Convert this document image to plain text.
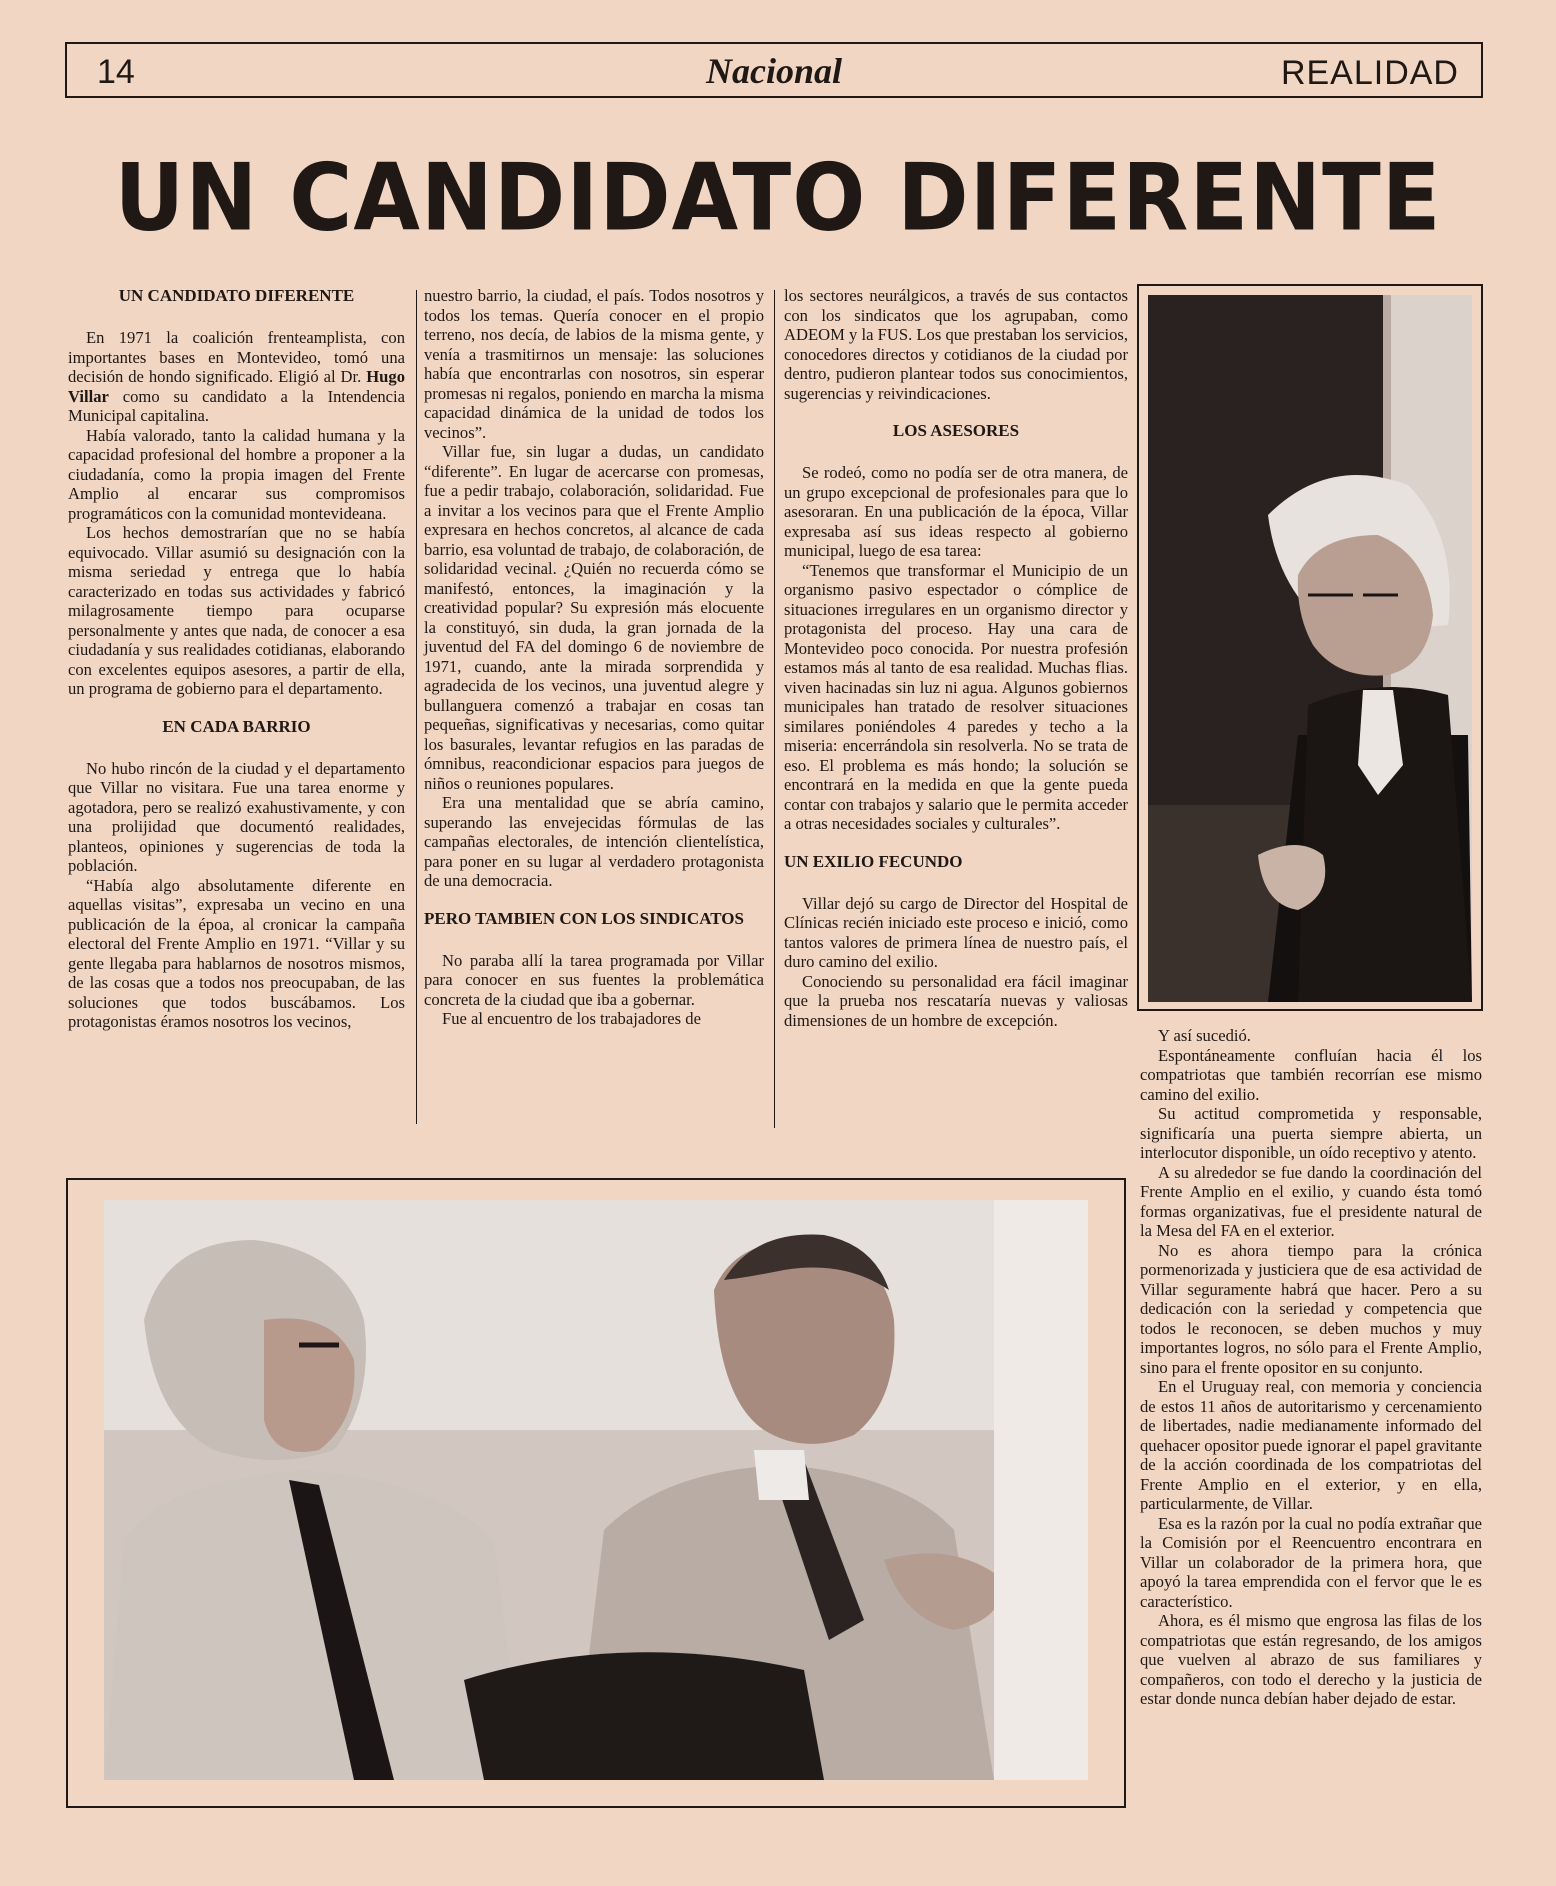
14	Nacional	REALIDAD
UN CANDIDATO DIFERENTE
UN CANDIDATO DIFERENTE

En 1971 la coalición frenteamplista, con importantes bases en Montevideo, tomó una decisión de hondo significado. Eligió al Dr. Hugo Villar como su candidato a la Intendencia Municipal capitalina.

Había valorado, tanto la calidad humana y la capacidad profesional del hombre a proponer a la ciudadanía, como la propia imagen del Frente Amplio al encarar sus compromisos programáticos con la comunidad montevideana.

Los hechos demostrarían que no se había equivocado. Villar asumió su designación con la misma seriedad y entrega que lo había caracterizado en todas sus actividades y fabricó milagrosamente tiempo para ocuparse personalmente y antes que nada, de conocer a esa ciudadanía y sus realidades cotidianas, elaborando con excelentes equipos asesores, a partir de ella, un programa de gobierno para el departamento.

EN CADA BARRIO

No hubo rincón de la ciudad y el departamento que Villar no visitara. Fue una tarea enorme y agotadora, pero se realizó exahustivamente, y con una prolijidad que documentó realidades, planteos, opiniones y sugerencias de toda la población.

“Había algo absolutamente diferente en aquellas visitas”, expresaba un vecino en una publicación de la époa, al cronicar la campaña electoral del Frente Amplio en 1971. “Villar y su gente llegaba para hablarnos de nosotros mismos, de las cosas que a todos nos preocupaban, de las soluciones que todos buscábamos. Los protagonistas éramos nosotros los vecinos,

nuestro barrio, la ciudad, el país. Todos nosotros y todos los temas. Quería conocer en el propio terreno, nos decía, de labios de la misma gente, y venía a trasmitirnos un mensaje: las soluciones había que encontrarlas con nosotros, sin esperar promesas ni regalos, poniendo en marcha la misma capacidad dinámica de la unidad de todos los vecinos”.

Villar fue, sin lugar a dudas, un candidato “diferente”. En lugar de acercarse con promesas, fue a pedir trabajo, colaboración, solidaridad. Fue a invitar a los vecinos para que el Frente Amplio expresara en hechos concretos, al alcance de cada barrio, esa voluntad de trabajo, de colaboración, de solidaridad vecinal. ¿Quién no recuerda cómo se manifestó, entonces, la imaginación y la creatividad popular? Su expresión más elocuente la constituyó, sin duda, la gran jornada de la juventud del FA del domingo 6 de noviembre de 1971, cuando, ante la mirada sorprendida y agradecida de los vecinos, una juventud alegre y bullanguera comenzó a trabajar en cosas tan pequeñas, significativas y necesarias, como quitar los basurales, levantar refugios en las paradas de ómnibus, reacondicionar espacios para juegos de niños o reuniones populares.

Era una mentalidad que se abría camino, superando las envejecidas fórmulas de las campañas electorales, de intención clientelística, para poner en su lugar al verdadero protagonista de una democracia.

PERO TAMBIEN CON LOS SINDICATOS

No paraba allí la tarea programada por Villar para conocer en sus fuentes la problemática concreta de la ciudad que iba a gobernar.

Fue al encuentro de los trabajadores de

los sectores neurálgicos, a través de sus contactos con los sindicatos que los agrupaban, como ADEOM y la FUS. Los que prestaban los servicios, conocedores directos y cotidianos de la ciudad por dentro, pudieron plantear todos sus conocimientos, sugerencias y reivindicaciones.

LOS ASESORES

Se rodeó, como no podía ser de otra manera, de un grupo excepcional de profesionales para que lo asesoraran. En una publicación de la época, Villar expresaba así sus ideas respecto al gobierno municipal, luego de esa tarea:

“Tenemos que transformar el Municipio de un organismo pasivo espectador o cómplice de situaciones irregulares en un organismo director y protagonista del proceso. Hay una cara de Montevideo poco conocida. Por nuestra profesión estamos más al tanto de esa realidad. Muchas flias. viven hacinadas sin luz ni agua. Algunos gobiernos municipales han tratado de resolver situaciones similares poniéndoles 4 paredes y techo a la miseria: encerrándola sin resolverla. No se trata de eso. El problema es más hondo; la solución se encontrará en la medida en que la gente pueda contar con trabajos y salario que le permita acceder a otras necesidades sociales y culturales”.

UN EXILIO FECUNDO

Villar dejó su cargo de Director del Hospital de Clínicas recién iniciado este proceso e inició, como tantos valores de primera línea de nuestro país, el duro camino del exilio.

Conociendo su personalidad era fácil imaginar que la prueba nos rescataría nuevas y valiosas dimensiones de un hombre de excepción.

Y así sucedió.

Espontáneamente confluían hacia él los compatriotas que también recorrían ese mismo camino del exilio.

Su actitud comprometida y responsable, significaría una puerta siempre abierta, un interlocutor disponible, un oído receptivo y atento.

A su alrededor se fue dando la coordinación del Frente Amplio en el exilio, y cuando ésta tomó formas organizativas, fue el presidente natural de la Mesa del FA en el exterior.

No es ahora tiempo para la crónica pormenorizada y justiciera que de esa actividad de Villar seguramente habrá que hacer. Pero a su dedicación con la seriedad y competencia que todos le reconocen, se deben muchos y muy importantes logros, no sólo para el Frente Amplio, sino para el frente opositor en su conjunto.

En el Uruguay real, con memoria y conciencia de estos 11 años de autoritarismo y cercenamiento de libertades, nadie medianamente informado del quehacer opositor puede ignorar el papel gravitante de la acción coordinada de los compatriotas del Frente Amplio en el exterior, y en ella, particularmente, de Villar.

Esa es la razón por la cual no podía extrañar que la Comisión por el Reencuentro encontrara en Villar un colaborador de la primera hora, que apoyó la tarea emprendida con el fervor que le es característico.

Ahora, es él mismo que engrosa las filas de los compatriotas que están regresando, de los amigos que vuelven al abrazo de sus familiares y compañeros, con todo el derecho y la justicia de estar donde nunca debían haber dejado de estar.
